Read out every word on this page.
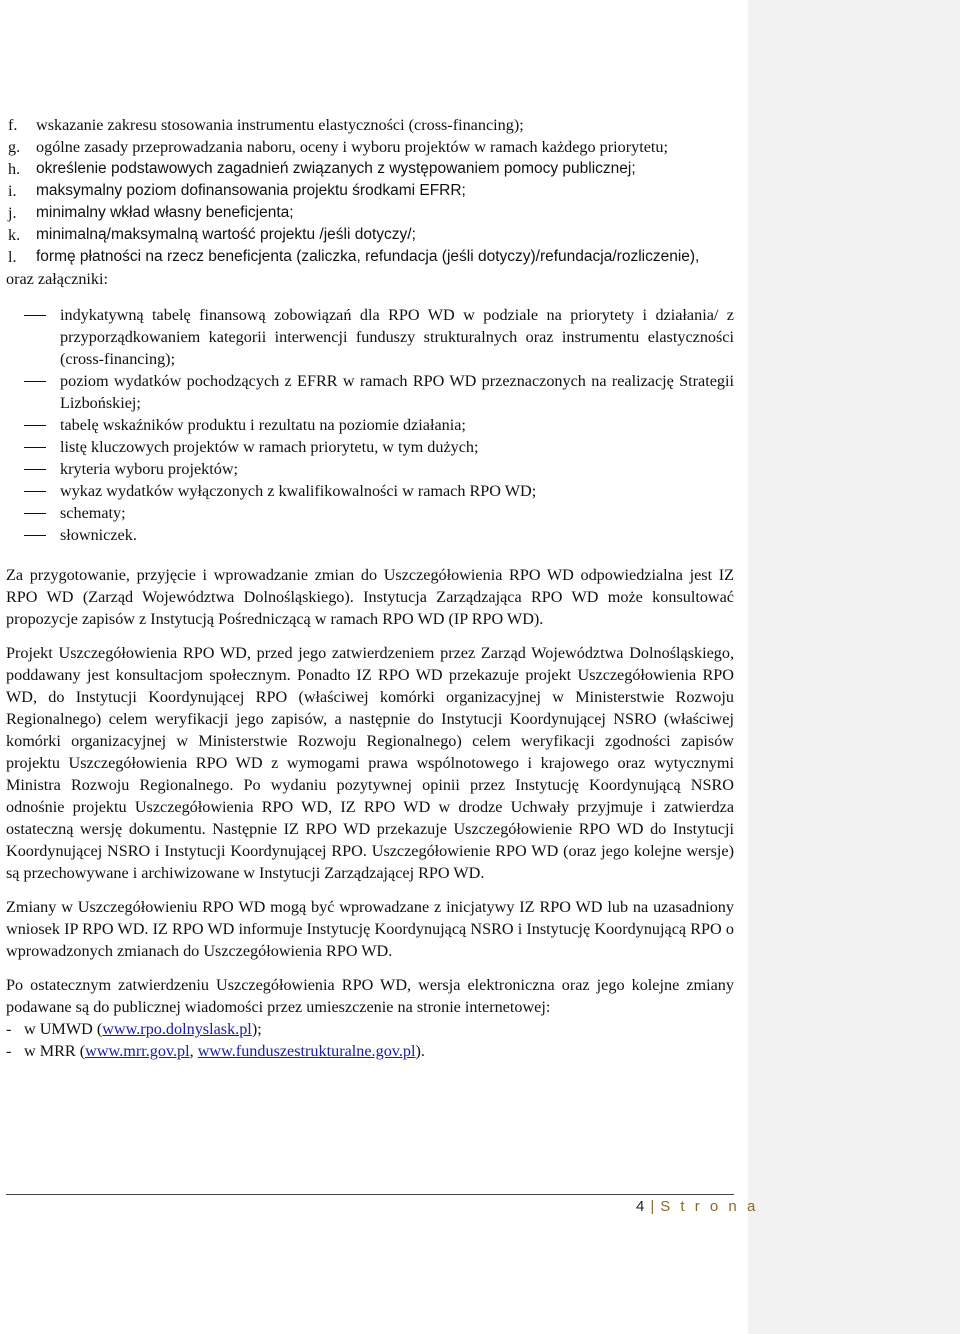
f.	wskazanie zakresu stosowania instrumentu elastyczności (cross-financing);
g. ogólne zasady przeprowadzania naboru, oceny i wyboru projektów w ramach każdego priorytetu;
h.	określenie podstawowych zagadnień związanych z występowaniem pomocy publicznej;
i.	maksymalny poziom dofinansowania projektu środkami EFRR;
j.	minimalny wkład własny beneficjenta;
k.	minimalną/maksymalną wartość projektu /jeśli dotyczy/;
l.	formę płatności na rzecz beneficjenta (zaliczka, refundacja (jeśli dotyczy)/refundacja/rozliczenie),
oraz załączniki:
indykatywną tabelę finansową zobowiązań dla RPO WD w podziale na priorytety i działania/ z przyporządkowaniem kategorii interwencji funduszy strukturalnych oraz instrumentu elastyczności (cross-financing);
poziom wydatków pochodzących z EFRR w ramach RPO WD przeznaczonych na realizację Strategii Lizbońskiej;
tabelę wskaźników produktu i rezultatu na poziomie działania;
listę kluczowych projektów w ramach priorytetu, w tym dużych;
kryteria wyboru projektów;
wykaz wydatków wyłączonych z kwalifikowalności w ramach RPO WD;
schematy;
słowniczek.

Za przygotowanie, przyjęcie i wprowadzanie zmian do Uszczegółowienia RPO WD odpowiedzialna jest IZ RPO WD (Zarząd Województwa Dolnośląskiego). Instytucja Zarządzająca RPO WD może konsultować propozycje zapisów z Instytucją Pośredniczącą w ramach RPO WD (IP RPO WD).

Projekt Uszczegółowienia RPO WD, przed jego zatwierdzeniem przez Zarząd Województwa Dolnośląskiego, poddawany jest konsultacjom społecznym. Ponadto IZ RPO WD przekazuje projekt Uszczegółowienia RPO WD, do Instytucji Koordynującej RPO (właściwej komórki organizacyjnej w Ministerstwie Rozwoju Regionalnego) celem weryfikacji jego zapisów, a następnie do Instytucji Koordynującej NSRO (właściwej komórki organizacyjnej w Ministerstwie Rozwoju Regionalnego) celem weryfikacji zgodności zapisów projektu Uszczegółowienia RPO WD z wymogami prawa wspólnotowego i krajowego oraz wytycznymi Ministra Rozwoju Regionalnego. Po wydaniu pozytywnej opinii przez Instytucję Koordynującą NSRO odnośnie projektu Uszczegółowienia RPO WD, IZ RPO WD w drodze Uchwały przyjmuje i zatwierdza ostateczną wersję dokumentu. Następnie IZ RPO WD przekazuje Uszczegółowienie RPO WD do Instytucji Koordynującej NSRO i Instytucji Koordynującej RPO. Uszczegółowienie RPO WD (oraz jego kolejne wersje) są przechowywane i archiwizowane w Instytucji Zarządzającej RPO WD.

Zmiany w Uszczegółowieniu RPO WD mogą być wprowadzane z inicjatywy IZ RPO WD lub na uzasadniony wniosek IP RPO WD. IZ RPO WD informuje Instytucję Koordynującą NSRO i Instytucję Koordynującą RPO o wprowadzonych zmianach do Uszczegółowienia RPO WD.

Po ostatecznym zatwierdzeniu Uszczegółowienia RPO WD, wersja elektroniczna oraz jego kolejne zmiany podawane są do publicznej wiadomości przez umieszczenie na stronie internetowej:

- w UMWD (www.rpo.dolnyslask.pl);
- w MRR (www.mrr.gov.pl, www.funduszestrukturalne.gov.pl).
4 | S t r o n a
